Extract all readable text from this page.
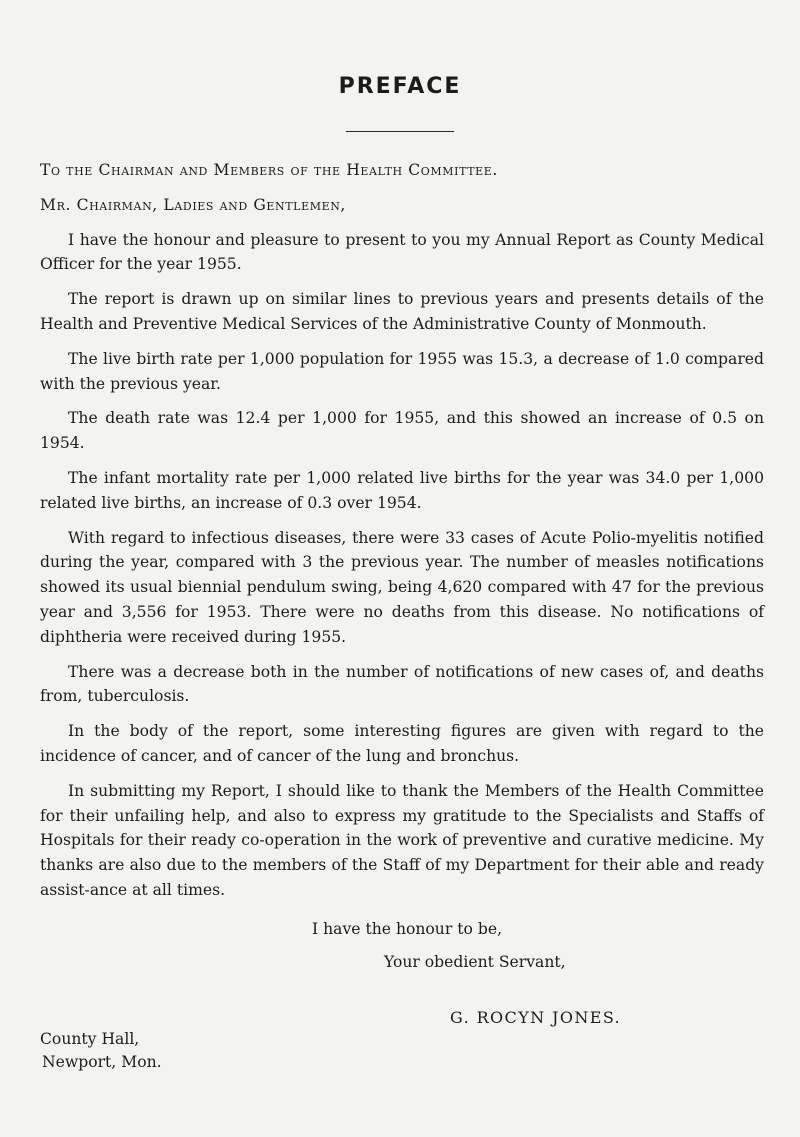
PREFACE

To the Chairman and Members of the Health Committee.

Mr. Chairman, Ladies and Gentlemen,

I have the honour and pleasure to present to you my Annual Report as County Medical Officer for the year 1955.

The report is drawn up on similar lines to previous years and presents details of the Health and Preventive Medical Services of the Administrative County of Monmouth.

The live birth rate per 1,000 population for 1955 was 15.3, a decrease of 1.0 compared with the previous year.

The death rate was 12.4 per 1,000 for 1955, and this showed an increase of 0.5 on 1954.

The infant mortality rate per 1,000 related live births for the year was 34.0 per 1,000 related live births, an increase of 0.3 over 1954.

With regard to infectious diseases, there were 33 cases of Acute Polio-myelitis notified during the year, compared with 3 the previous year. The number of measles notifications showed its usual biennial pendulum swing, being 4,620 compared with 47 for the previous year and 3,556 for 1953. There were no deaths from this disease. No notifications of diphtheria were received during 1955.

There was a decrease both in the number of notifications of new cases of, and deaths from, tuberculosis.

In the body of the report, some interesting figures are given with regard to the incidence of cancer, and of cancer of the lung and bronchus.

In submitting my Report, I should like to thank the Members of the Health Committee for their unfailing help, and also to express my gratitude to the Specialists and Staffs of Hospitals for their ready co-operation in the work of preventive and curative medicine. My thanks are also due to the members of the Staff of my Department for their able and ready assist-ance at all times.

I have the honour to be,

Your obedient Servant,

G. ROCYN JONES.

County Hall,

Newport, Mon.
